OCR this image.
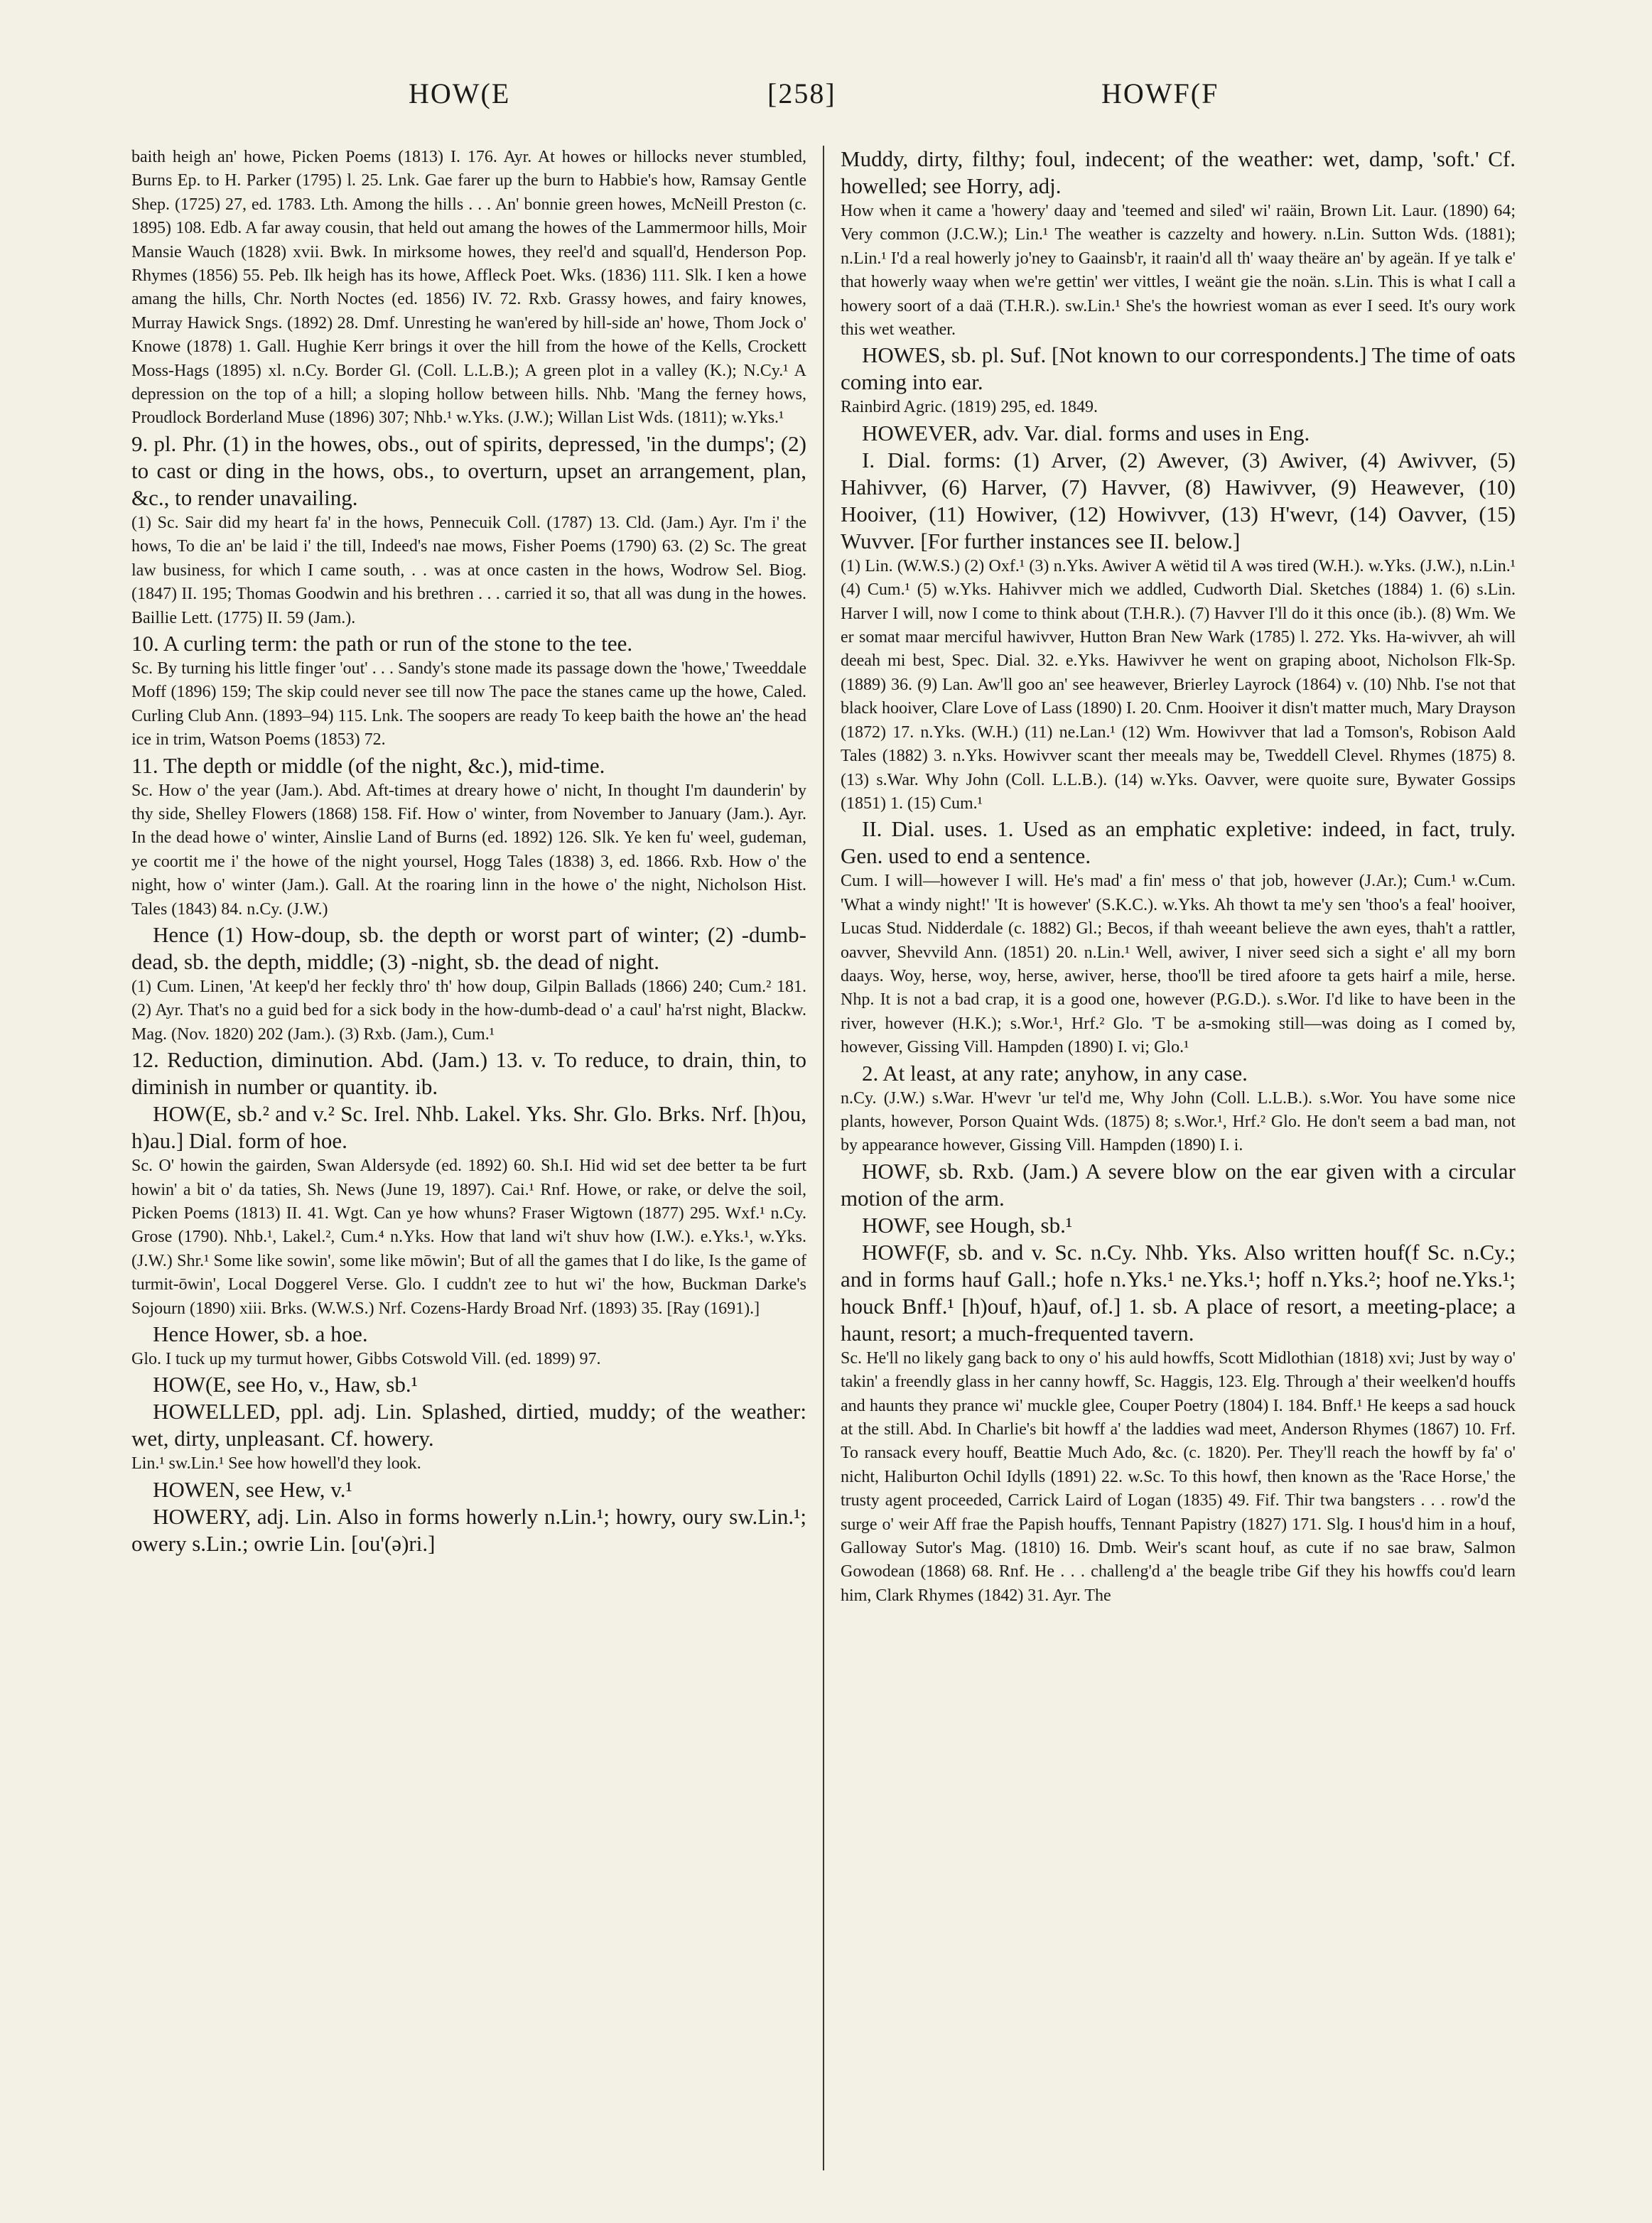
HOW(E	[258]	HOWF(F

baith heigh an' howe, Picken Poems (1813) I. 176. Ayr. At howes or hillocks never stumbled, Burns Ep. to H. Parker (1795) l. 25. Lnk. Gae farer up the burn to Habbie's how, Ramsay Gentle Shep. (1725) 27, ed. 1783. Lth. Among the hills . . . An' bonnie green howes, McNeill Preston (c. 1895) 108. Edb. A far away cousin, that held out amang the howes of the Lammermoor hills, Moir Mansie Wauch (1828) xvii. Bwk. In mirksome howes, they reel'd and squall'd, Henderson Pop. Rhymes (1856) 55. Peb. Ilk heigh has its howe, Affleck Poet. Wks. (1836) 111. Slk. I ken a howe amang the hills, Chr. North Noctes (ed. 1856) IV. 72. Rxb. Grassy howes, and fairy knowes, Murray Hawick Sngs. (1892) 28. Dmf. Unresting he wan'ered by hill-side an' howe, Thom Jock o' Knowe (1878) 1. Gall. Hughie Kerr brings it over the hill from the howe of the Kells, Crockett Moss-Hags (1895) xl. n.Cy. Border Gl. (Coll. L.L.B.); A green plot in a valley (K.); N.Cy.¹ A depression on the top of a hill; a sloping hollow between hills. Nhb. 'Mang the ferney hows, Proudlock Borderland Muse (1896) 307; Nhb.¹ w.Yks. (J.W.); Willan List Wds. (1811); w.Yks.¹

9. pl. Phr. (1) in the howes, obs., out of spirits, depressed, 'in the dumps'; (2) to cast or ding in the hows, obs., to overturn, upset an arrangement, plan, &c., to render unavailing.

(1) Sc. Sair did my heart fa' in the hows, Pennecuik Coll. (1787) 13. Cld. (Jam.) Ayr. I'm i' the hows, To die an' be laid i' the till, Indeed's nae mows, Fisher Poems (1790) 63. (2) Sc. The great law business, for which I came south, . . was at once casten in the hows, Wodrow Sel. Biog. (1847) II. 195; Thomas Goodwin and his brethren . . . carried it so, that all was dung in the howes. Baillie Lett. (1775) II. 59 (Jam.).

10. A curling term: the path or run of the stone to the tee.

Sc. By turning his little finger 'out' . . . Sandy's stone made its passage down the 'howe,' Tweeddale Moff (1896) 159; The skip could never see till now The pace the stanes came up the howe, Caled. Curling Club Ann. (1893–94) 115. Lnk. The soopers are ready To keep baith the howe an' the head ice in trim, Watson Poems (1853) 72.

11. The depth or middle (of the night, &c.), mid-time.

Sc. How o' the year (Jam.). Abd. Aft-times at dreary howe o' nicht, In thought I'm daunderin' by thy side, Shelley Flowers (1868) 158. Fif. How o' winter, from November to January (Jam.). Ayr. In the dead howe o' winter, Ainslie Land of Burns (ed. 1892) 126. Slk. Ye ken fu' weel, gudeman, ye coortit me i' the howe of the night yoursel, Hogg Tales (1838) 3, ed. 1866. Rxb. How o' the night, how o' winter (Jam.). Gall. At the roaring linn in the howe o' the night, Nicholson Hist. Tales (1843) 84. n.Cy. (J.W.)

Hence (1) How-doup, sb. the depth or worst part of winter; (2) -dumb-dead, sb. the depth, middle; (3) -night, sb. the dead of night.

(1) Cum. Linen, 'At keep'd her feckly thro' th' how doup, Gilpin Ballads (1866) 240; Cum.² 181. (2) Ayr. That's no a guid bed for a sick body in the how-dumb-dead o' a caul' ha'rst night, Blackw. Mag. (Nov. 1820) 202 (Jam.). (3) Rxb. (Jam.), Cum.¹

12. Reduction, diminution. Abd. (Jam.) 13. v. To reduce, to drain, thin, to diminish in number or quantity. ib.

HOW(E, sb.² and v.² Sc. Irel. Nhb. Lakel. Yks. Shr. Glo. Brks. Nrf. [h)ou, h)au.] Dial. form of hoe.

Sc. O' howin the gairden, Swan Aldersyde (ed. 1892) 60. Sh.I. Hid wid set dee better ta be furt howin' a bit o' da taties, Sh. News (June 19, 1897). Cai.¹ Rnf. Howe, or rake, or delve the soil, Picken Poems (1813) II. 41. Wgt. Can ye how whuns? Fraser Wigtown (1877) 295. Wxf.¹ n.Cy. Grose (1790). Nhb.¹, Lakel.², Cum.⁴ n.Yks. How that land wi't shuv how (I.W.). e.Yks.¹, w.Yks. (J.W.) Shr.¹ Some like sowin', some like mōwin'; But of all the games that I do like, Is the game of turmit-ōwin', Local Doggerel Verse. Glo. I cuddn't zee to hut wi' the how, Buckman Darke's Sojourn (1890) xiii. Brks. (W.W.S.) Nrf. Cozens-Hardy Broad Nrf. (1893) 35. [Ray (1691).]

Hence Hower, sb. a hoe.

Glo. I tuck up my turmut hower, Gibbs Cotswold Vill. (ed. 1899) 97.

HOW(E, see Ho, v., Haw, sb.¹

HOWELLED, ppl. adj. Lin. Splashed, dirtied, muddy; of the weather: wet, dirty, unpleasant. Cf. howery.

Lin.¹ sw.Lin.¹ See how howell'd they look.

HOWEN, see Hew, v.¹

HOWERY, adj. Lin. Also in forms howerly n.Lin.¹; howry, oury sw.Lin.¹; owery s.Lin.; owrie Lin. [ou'(ə)ri.]

Muddy, dirty, filthy; foul, indecent; of the weather: wet, damp, 'soft.' Cf. howelled; see Horry, adj.

How when it came a 'howery' daay and 'teemed and siled' wi' raäin, Brown Lit. Laur. (1890) 64; Very common (J.C.W.); Lin.¹ The weather is cazzelty and howery. n.Lin. Sutton Wds. (1881); n.Lin.¹ I'd a real howerly jo'ney to Gaainsb'r, it raain'd all th' waay theäre an' by ageän. If ye talk e' that howerly waay when we're gettin' wer vittles, I weänt gie the noän. s.Lin. This is what I call a howery soort of a daä (T.H.R.). sw.Lin.¹ She's the howriest woman as ever I seed. It's oury work this wet weather.

HOWES, sb. pl. Suf. [Not known to our correspondents.] The time of oats coming into ear.

Rainbird Agric. (1819) 295, ed. 1849.

HOWEVER, adv. Var. dial. forms and uses in Eng.

I. Dial. forms: (1) Arver, (2) Awever, (3) Awiver, (4) Awivver, (5) Hahivver, (6) Harver, (7) Havver, (8) Hawivver, (9) Heawever, (10) Hooiver, (11) Howiver, (12) Howivver, (13) H'wevr, (14) Oavver, (15) Wuvver. [For further instances see II. below.]

(1) Lin. (W.W.S.) (2) Oxf.¹ (3) n.Yks. Awiver A wëtid til A wəs tired (W.H.). w.Yks. (J.W.), n.Lin.¹ (4) Cum.¹ (5) w.Yks. Hahivver mich we addled, Cudworth Dial. Sketches (1884) 1. (6) s.Lin. Harver I will, now I come to think about (T.H.R.). (7) Havver I'll do it this once (ib.). (8) Wm. We er somat maar merciful hawivver, Hutton Bran New Wark (1785) l. 272. Yks. Ha-wivver, ah will deeah mi best, Spec. Dial. 32. e.Yks. Hawivver he went on graping aboot, Nicholson Flk-Sp. (1889) 36. (9) Lan. Aw'll goo an' see heawever, Brierley Layrock (1864) v. (10) Nhb. I'se not that black hooiver, Clare Love of Lass (1890) I. 20. Cnm. Hooiver it disn't matter much, Mary Drayson (1872) 17. n.Yks. (W.H.) (11) ne.Lan.¹ (12) Wm. Howivver that lad a Tomson's, Robison Aald Tales (1882) 3. n.Yks. Howivver scant ther meeals may be, Tweddell Clevel. Rhymes (1875) 8. (13) s.War. Why John (Coll. L.L.B.). (14) w.Yks. Oavver, were quoite sure, Bywater Gossips (1851) 1. (15) Cum.¹

II. Dial. uses. 1. Used as an emphatic expletive: indeed, in fact, truly. Gen. used to end a sentence.

Cum. I will—however I will. He's mad' a fin' mess o' that job, however (J.Ar.); Cum.¹ w.Cum. 'What a windy night!' 'It is however' (S.K.C.). w.Yks. Ah thowt ta me'y sen 'thoo's a feal' hooiver, Lucas Stud. Nidderdale (c. 1882) Gl.; Becos, if thah weeant believe the awn eyes, thah't a rattler, oavver, Shevvild Ann. (1851) 20. n.Lin.¹ Well, awiver, I niver seed sich a sight e' all my born daays. Woy, herse, woy, herse, awiver, herse, thoo'll be tired afoore ta gets hairf a mile, herse. Nhp. It is not a bad crap, it is a good one, however (P.G.D.). s.Wor. I'd like to have been in the river, however (H.K.); s.Wor.¹, Hrf.² Glo. 'T be a-smoking still—was doing as I comed by, however, Gissing Vill. Hampden (1890) I. vi; Glo.¹

2. At least, at any rate; anyhow, in any case.

n.Cy. (J.W.) s.War. H'wevr 'ur tel'd me, Why John (Coll. L.L.B.). s.Wor. You have some nice plants, however, Porson Quaint Wds. (1875) 8; s.Wor.¹, Hrf.² Glo. He don't seem a bad man, not by appearance however, Gissing Vill. Hampden (1890) I. i.

HOWF, sb. Rxb. (Jam.) A severe blow on the ear given with a circular motion of the arm.

HOWF, see Hough, sb.¹

HOWF(F, sb. and v. Sc. n.Cy. Nhb. Yks. Also written houf(f Sc. n.Cy.; and in forms hauf Gall.; hofe n.Yks.¹ ne.Yks.¹; hoff n.Yks.²; hoof ne.Yks.¹; houck Bnff.¹ [h)ouf, h)auf, of.] 1. sb. A place of resort, a meeting-place; a haunt, resort; a much-frequented tavern.

Sc. He'll no likely gang back to ony o' his auld howffs, Scott Midlothian (1818) xvi; Just by way o' takin' a freendly glass in her canny howff, Sc. Haggis, 123. Elg. Through a' their weelken'd houffs and haunts they prance wi' muckle glee, Couper Poetry (1804) I. 184. Bnff.¹ He keeps a sad houck at the still. Abd. In Charlie's bit howff a' the laddies wad meet, Anderson Rhymes (1867) 10. Frf. To ransack every houff, Beattie Much Ado, &c. (c. 1820). Per. They'll reach the howff by fa' o' nicht, Haliburton Ochil Idylls (1891) 22. w.Sc. To this howf, then known as the 'Race Horse,' the trusty agent proceeded, Carrick Laird of Logan (1835) 49. Fif. Thir twa bangsters . . . row'd the surge o' weir Aff frae the Papish houffs, Tennant Papistry (1827) 171. Slg. I hous'd him in a houf, Galloway Sutor's Mag. (1810) 16. Dmb. Weir's scant houf, as cute if no sae braw, Salmon Gowodean (1868) 68. Rnf. He . . . challeng'd a' the beagle tribe Gif they his howffs cou'd learn him, Clark Rhymes (1842) 31. Ayr. The
